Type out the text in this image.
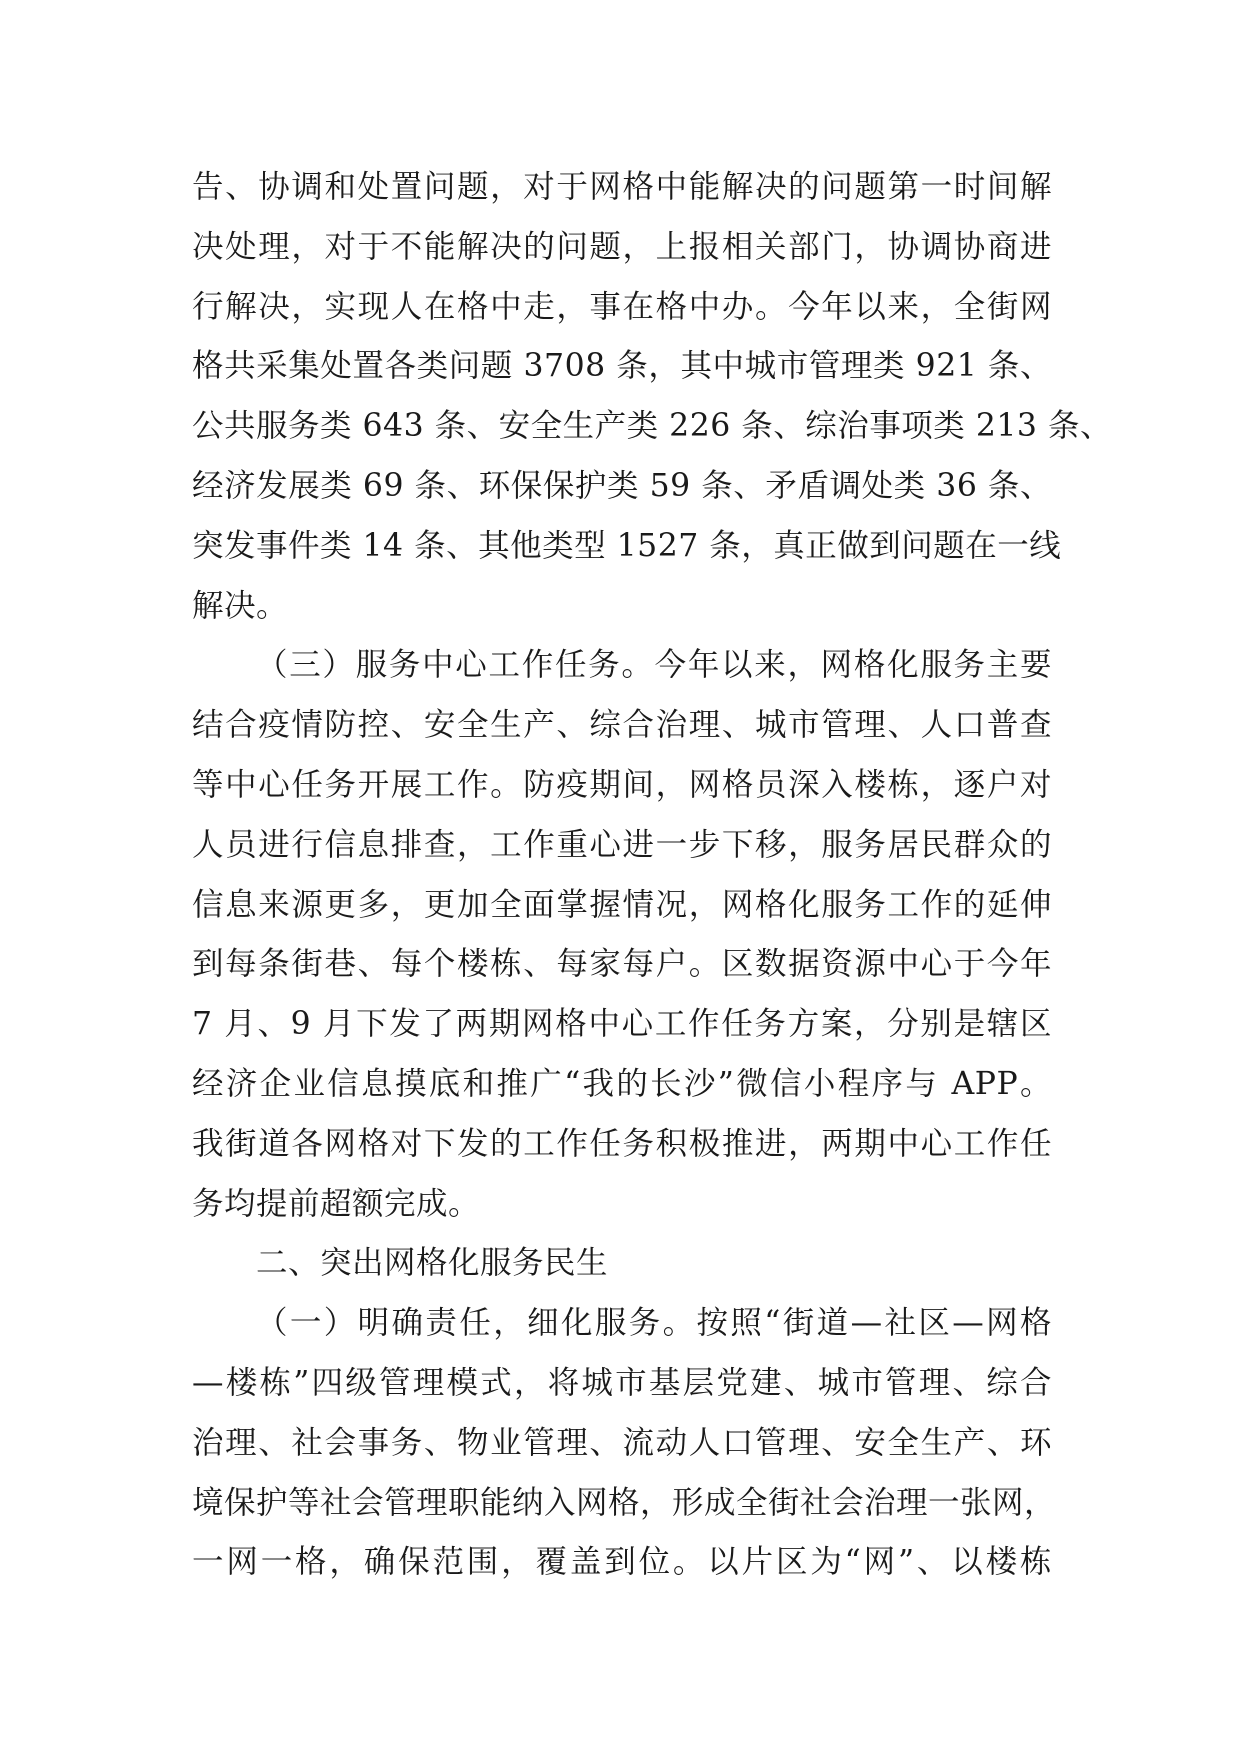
告、协调和处置问题，对于网格中能解决的问题第一时间解
决处理，对于不能解决的问题，上报相关部门，协调协商进
行解决，实现人在格中走，事在格中办。今年以来，全街网
格共采集处置各类问题 3708 条，其中城市管理类 921 条、
公共服务类 643 条、安全生产类 226 条、综治事项类 213 条、
经济发展类 69 条、环保保护类 59 条、矛盾调处类 36 条、
突发事件类 14 条、其他类型 1527 条，真正做到问题在一线
解决。
（三）服务中心工作任务。今年以来，网格化服务主要
结合疫情防控、安全生产、综合治理、城市管理、人口普查
等中心任务开展工作。防疫期间，网格员深入楼栋，逐户对
人员进行信息排查，工作重心进一步下移，服务居民群众的
信息来源更多，更加全面掌握情况，网格化服务工作的延伸
到每条街巷、每个楼栋、每家每户。区数据资源中心于今年
7 月、9 月下发了两期网格中心工作任务方案，分别是辖区
经济企业信息摸底和推广“我的长沙”微信小程序与 APP。
我街道各网格对下发的工作任务积极推进，两期中心工作任
务均提前超额完成。
二、突出网格化服务民生
（一）明确责任，细化服务。按照“街道—社区—网格
—楼栋”四级管理模式，将城市基层党建、城市管理、综合
治理、社会事务、物业管理、流动人口管理、安全生产、环
境保护等社会管理职能纳入网格，形成全街社会治理一张网，
一网一格，确保范围，覆盖到位。以片区为“网”、以楼栋
